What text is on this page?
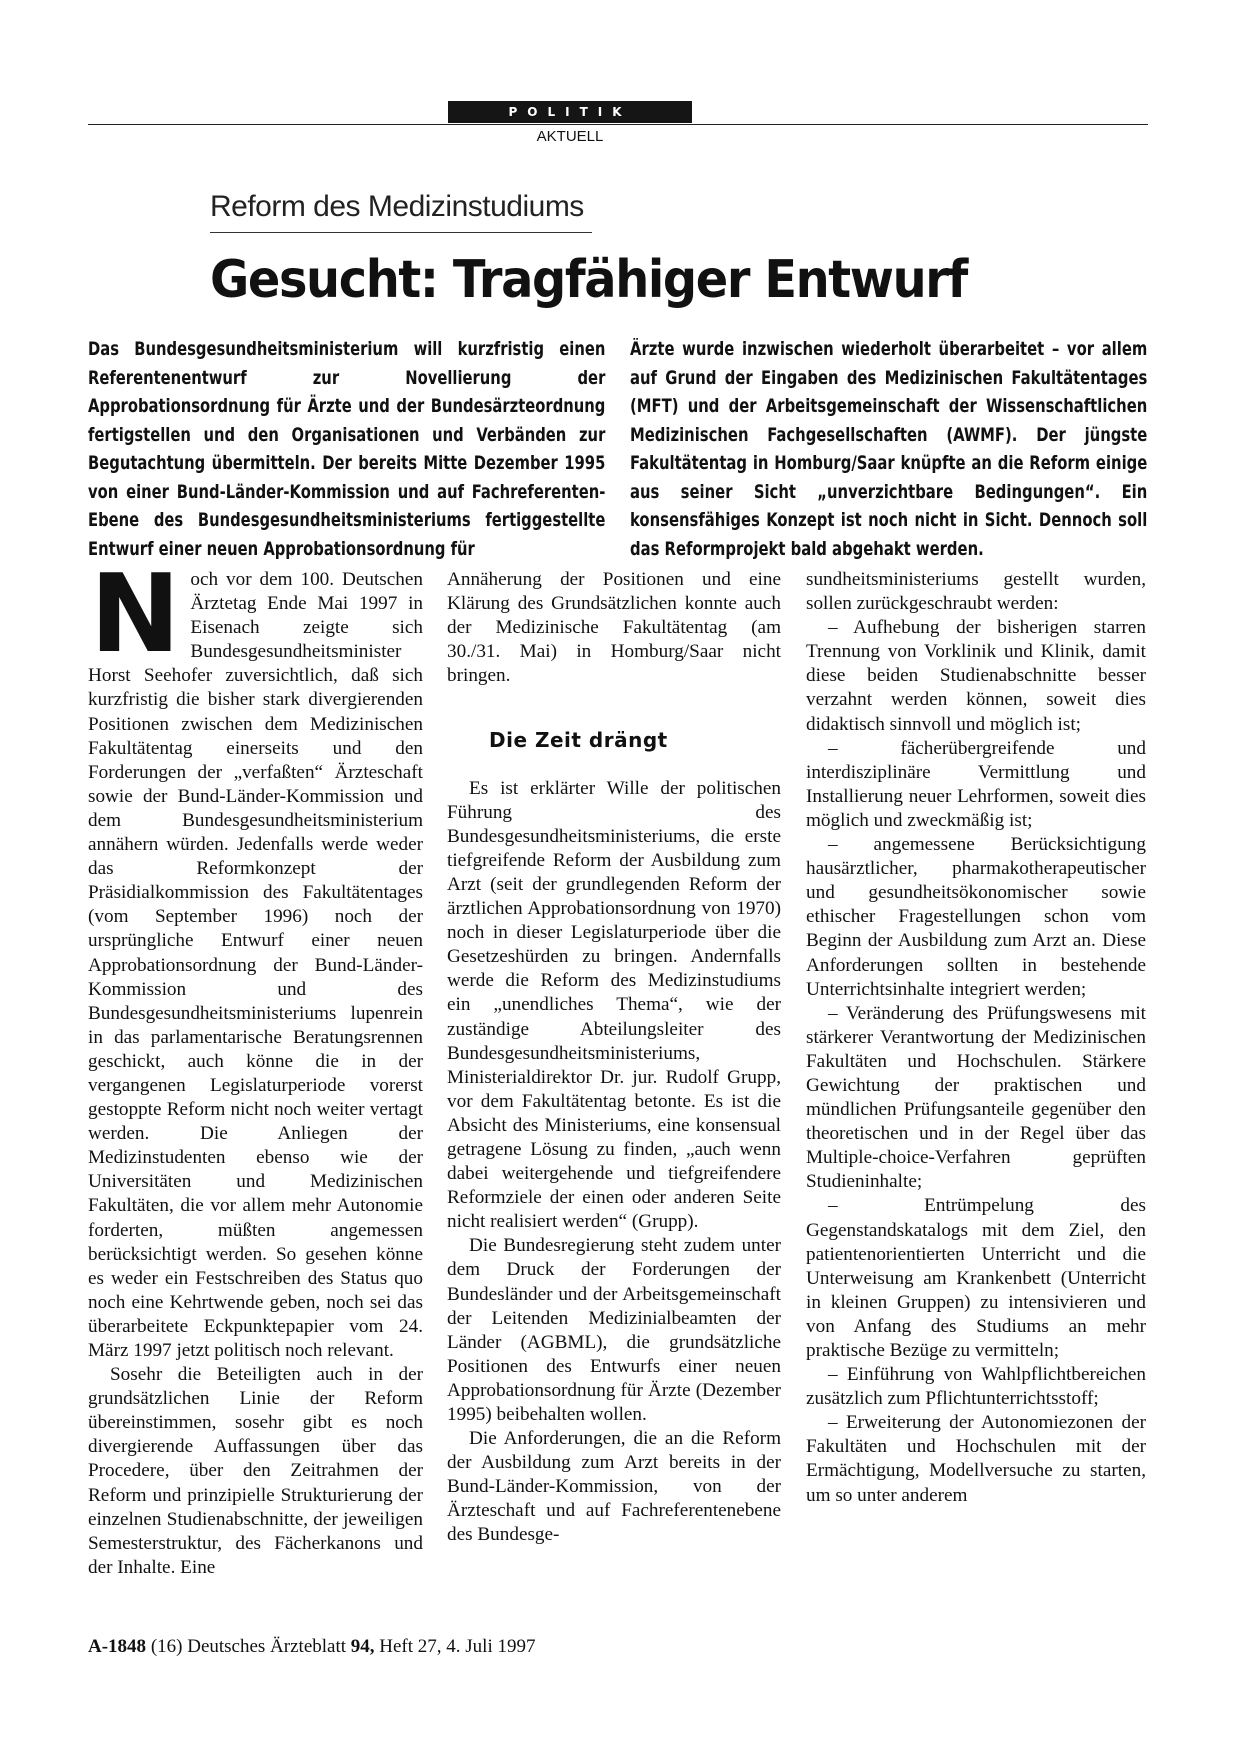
POLITIK
AKTUELL
Reform des Medizinstudiums
Gesucht: Tragfähiger Entwurf

Das Bundesgesundheitsministerium will kurzfristig einen Referentenentwurf zur Novellierung der Approbationsordnung für Ärzte und der Bundesärzteordnung fertigstellen und den Organisationen und Verbänden zur Begutachtung übermitteln. Der bereits Mitte Dezember 1995 von einer Bund-Länder-Kommission und auf Fachreferenten-Ebene des Bundesgesundheitsministeriums fertiggestellte Entwurf einer neuen Approbationsordnung für

Ärzte wurde inzwischen wiederholt überarbeitet – vor allem auf Grund der Eingaben des Medizinischen Fakultätentages (MFT) und der Arbeitsgemeinschaft der Wissenschaftlichen Medizinischen Fachgesellschaften (AWMF). Der jüngste Fakultätentag in Homburg/Saar knüpfte an die Reform einige aus seiner Sicht „unverzichtbare Bedingungen“. Ein konsensfähiges Konzept ist noch nicht in Sicht. Dennoch soll das Reformprojekt bald abgehakt werden.

N och vor dem 100. Deutschen Ärztetag Ende Mai 1997 in Eisenach zeigte sich Bundesgesundheitsminister Horst Seehofer zuversichtlich, daß sich kurzfristig die bisher stark divergierenden Positionen zwischen dem Medizinischen Fakultätentag einerseits und den Forderungen der „verfaßten“ Ärzteschaft sowie der Bund-Länder-Kommission und dem Bundesgesundheitsministerium annähern würden. Jedenfalls werde weder das Reformkonzept der Präsidialkommission des Fakultätentages (vom September 1996) noch der ursprüngliche Entwurf einer neuen Approbationsordnung der Bund-Länder-Kommission und des Bundesgesundheitsministeriums lupenrein in das parlamentarische Beratungsrennen geschickt, auch könne die in der vergangenen Legislaturperiode vorerst gestoppte Reform nicht noch weiter vertagt werden. Die Anliegen der Medizinstudenten ebenso wie der Universitäten und Medizinischen Fakultäten, die vor allem mehr Autonomie forderten, müßten angemessen berücksichtigt werden. So gesehen könne es weder ein Festschreiben des Status quo noch eine Kehrtwende geben, noch sei das überarbeitete Eckpunktepapier vom 24. März 1997 jetzt politisch noch relevant.

Sosehr die Beteiligten auch in der grundsätzlichen Linie der Reform übereinstimmen, sosehr gibt es noch divergierende Auffassungen über das Procedere, über den Zeitrahmen der Reform und prinzipielle Strukturierung der einzelnen Studienabschnitte, der jeweiligen Semesterstruktur, des Fächerkanons und der Inhalte. Eine

Annäherung der Positionen und eine Klärung des Grundsätzlichen konnte auch der Medizinische Fakultätentag (am 30./31. Mai) in Homburg/Saar nicht bringen.

Die Zeit drängt

Es ist erklärter Wille der politischen Führung des Bundesgesundheitsministeriums, die erste tiefgreifende Reform der Ausbildung zum Arzt (seit der grundlegenden Reform der ärztlichen Approbationsordnung von 1970) noch in dieser Legislaturperiode über die Gesetzeshürden zu bringen. Andernfalls werde die Reform des Medizinstudiums ein „unendliches Thema“, wie der zuständige Abteilungsleiter des Bundesgesundheitsministeriums, Ministerialdirektor Dr. jur. Rudolf Grupp, vor dem Fakultätentag betonte. Es ist die Absicht des Ministeriums, eine konsensual getragene Lösung zu finden, „auch wenn dabei weitergehende und tiefgreifendere Reformziele der einen oder anderen Seite nicht realisiert werden“ (Grupp).

Die Bundesregierung steht zudem unter dem Druck der Forderungen der Bundesländer und der Arbeitsgemeinschaft der Leitenden Medizinialbeamten der Länder (AGBML), die grundsätzliche Positionen des Entwurfs einer neuen Approbationsordnung für Ärzte (Dezember 1995) beibehalten wollen.

Die Anforderungen, die an die Reform der Ausbildung zum Arzt bereits in der Bund-Länder-Kommission, von der Ärzteschaft und auf Fachreferentenebene des Bundesge-

sundheitsministeriums gestellt wurden, sollen zurückgeschraubt werden:

– Aufhebung der bisherigen starren Trennung von Vorklinik und Klinik, damit diese beiden Studienabschnitte besser verzahnt werden können, soweit dies didaktisch sinnvoll und möglich ist;

– fächerübergreifende und interdisziplinäre Vermittlung und Installierung neuer Lehrformen, soweit dies möglich und zweckmäßig ist;

– angemessene Berücksichtigung hausärztlicher, pharmakotherapeutischer und gesundheitsökonomischer sowie ethischer Fragestellungen schon vom Beginn der Ausbildung zum Arzt an. Diese Anforderungen sollten in bestehende Unterrichtsinhalte integriert werden;

– Veränderung des Prüfungswesens mit stärkerer Verantwortung der Medizinischen Fakultäten und Hochschulen. Stärkere Gewichtung der praktischen und mündlichen Prüfungsanteile gegenüber den theoretischen und in der Regel über das Multiple-choice-Verfahren geprüften Studieninhalte;

– Entrümpelung des Gegenstandskatalogs mit dem Ziel, den patientenorientierten Unterricht und die Unterweisung am Krankenbett (Unterricht in kleinen Gruppen) zu intensivieren und von Anfang des Studiums an mehr praktische Bezüge zu vermitteln;

– Einführung von Wahlpflichtbereichen zusätzlich zum Pflichtunterrichtsstoff;

– Erweiterung der Autonomiezonen der Fakultäten und Hochschulen mit der Ermächtigung, Modellversuche zu starten, um so unter anderem

A-1848 (16) Deutsches Ärzteblatt 94, Heft 27, 4. Juli 1997
